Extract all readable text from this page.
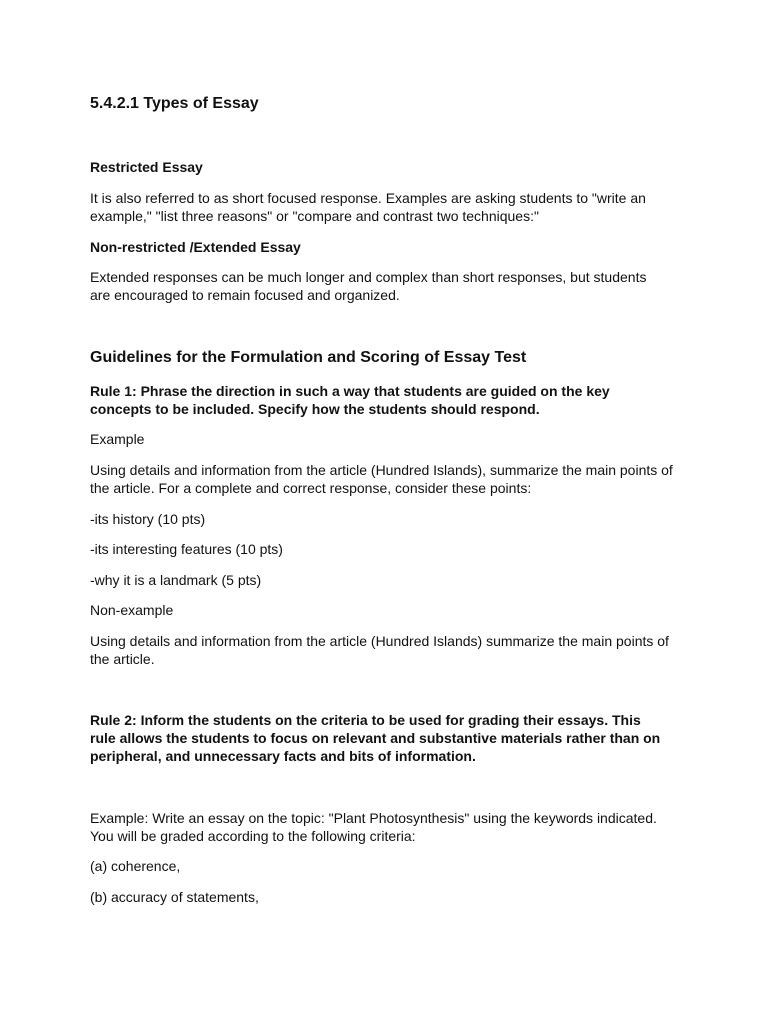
5.4.2.1 Types of Essay
Restricted Essay
It is also referred to as short focused response. Examples are asking students to "write an example," "list three reasons" or "compare and contrast two techniques:"
Non-restricted /Extended Essay
Extended responses can be much longer and complex than short responses, but students are encouraged to remain focused and organized.
Guidelines for the Formulation and Scoring of Essay Test
Rule 1: Phrase the direction in such a way that students are guided on the key concepts to be included. Specify how the students should respond.
Example
Using details and information from the article (Hundred Islands), summarize the main points of the article. For a complete and correct response, consider these points:
-its history (10 pts)
-its interesting features (10 pts)
-why it is a landmark (5 pts)
Non-example
Using details and information from the article (Hundred Islands) summarize the main points of the article.
Rule 2: Inform the students on the criteria to be used for grading their essays. This rule allows the students to focus on relevant and substantive materials rather than on peripheral, and unnecessary facts and bits of information.
Example: Write an essay on the topic: "Plant Photosynthesis" using the keywords indicated. You will be graded according to the following criteria:
(a) coherence,
(b) accuracy of statements,
